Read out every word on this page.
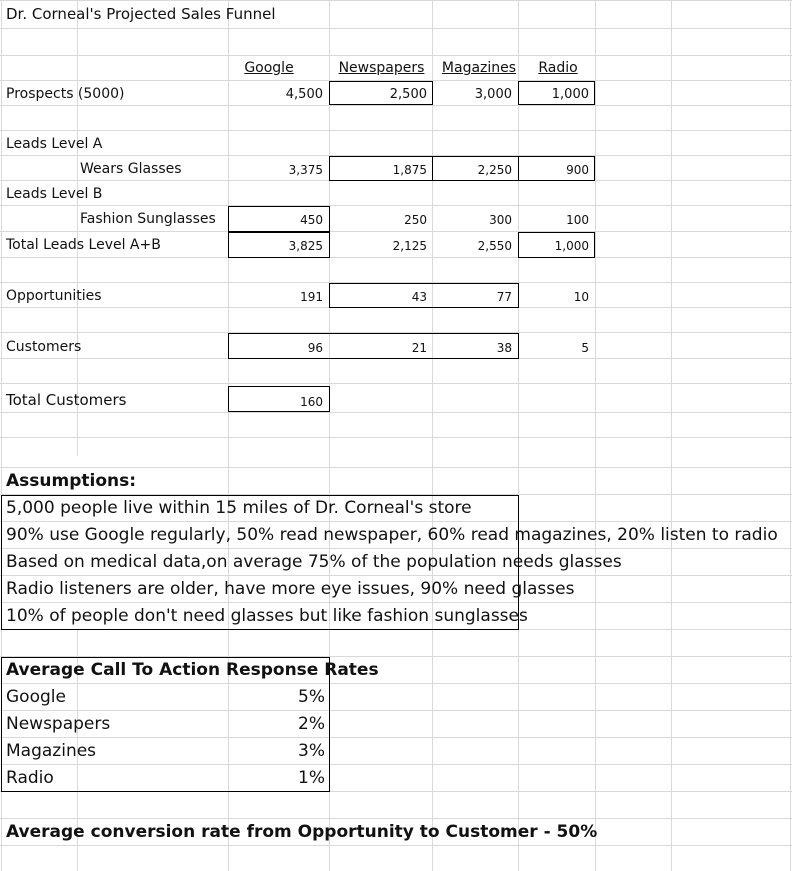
Dr. Corneal's Projected Sales Funnel
Google	Newspapers	Magazines	Radio
Prospects (5000)	4,500	2,500	3,000	1,000
Leads Level A
Wears Glasses	3,375	1,875	2,250	900
Leads Level B
Fashion Sunglasses	450	250	300	100
Total Leads Level A+B	3,825	2,125	2,550	1,000
Opportunities	191	43	77	10
Customers	96	21	38	5
Total Customers	160
Assumptions:
5,000 people live within 15 miles of Dr. Corneal's store
90% use Google regularly, 50% read newspaper, 60% read magazines, 20% listen to radio
Based on medical data,on average 75% of the population needs glasses
Radio listeners are older, have more eye issues, 90% need glasses
10% of people don't need glasses but like fashion sunglasses
Average Call To Action Response Rates
Google	5%
Newspapers	2%
Magazines	3%
Radio	1%
Average conversion rate from Opportunity to Customer - 50%
